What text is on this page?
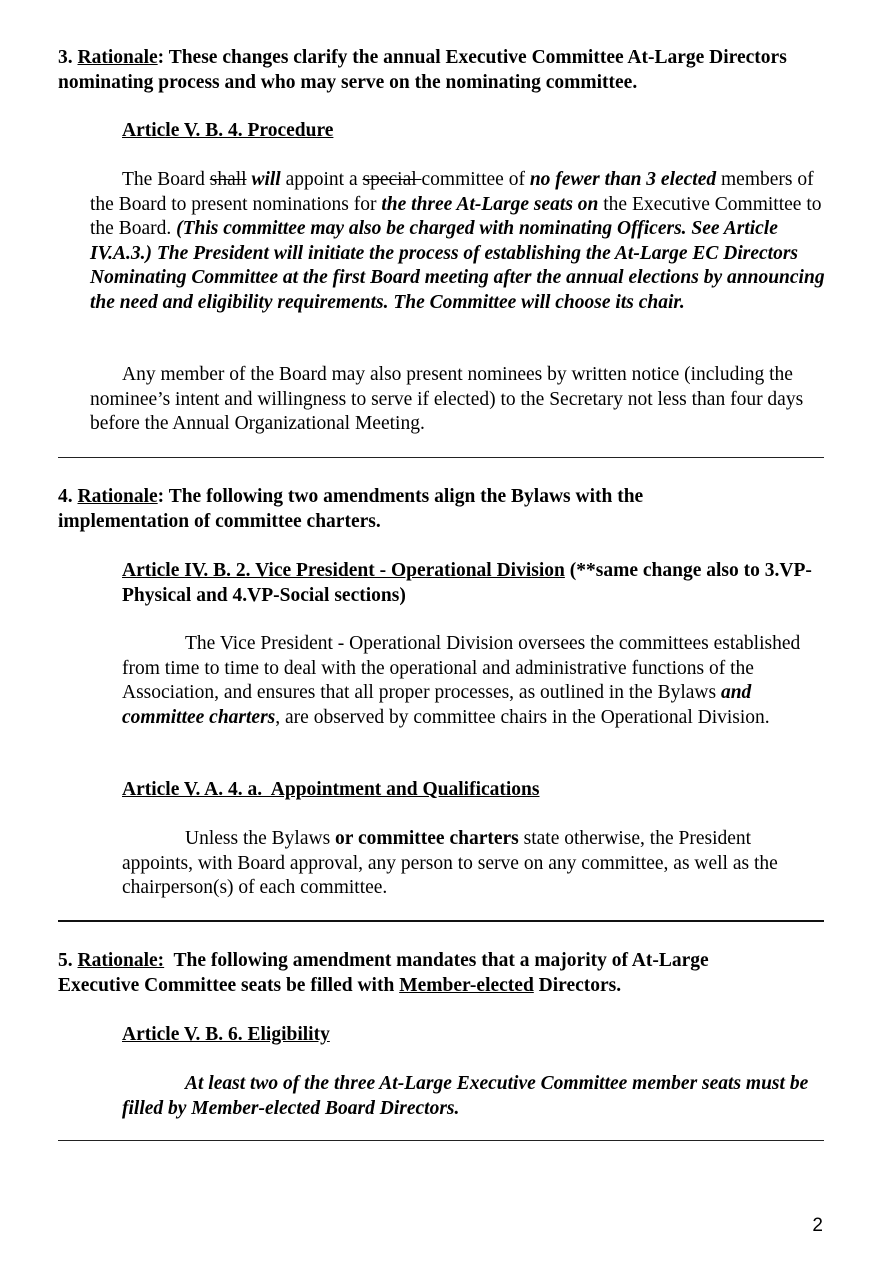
3. Rationale: These changes clarify the annual Executive Committee At-Large Directors nominating process and who may serve on the nominating committee.

Article V. B. 4. Procedure

The Board shall will appoint a special committee of no fewer than 3 elected members of the Board to present nominations for the three At-Large seats on the Executive Committee to the Board. (This committee may also be charged with nominating Officers. See Article IV.A.3.) The President will initiate the process of establishing the At-Large EC Directors Nominating Committee at the first Board meeting after the annual elections by announcing the need and eligibility requirements. The Committee will choose its chair.

Any member of the Board may also present nominees by written notice (including the nominee’s intent and willingness to serve if elected) to the Secretary not less than four days before the Annual Organizational Meeting.

4. Rationale: The following two amendments align the Bylaws with the implementation of committee charters.

Article IV. B. 2. Vice President - Operational Division (**same change also to 3.VP-Physical and 4.VP-Social sections)

The Vice President - Operational Division oversees the committees established from time to time to deal with the operational and administrative functions of the Association, and ensures that all proper processes, as outlined in the Bylaws and committee charters, are observed by committee chairs in the Operational Division.

Article V. A. 4. a.  Appointment and Qualifications

Unless the Bylaws or committee charters state otherwise, the President appoints, with Board approval, any person to serve on any committee, as well as the chairperson(s) of each committee.

5. Rationale:  The following amendment mandates that a majority of At-Large Executive Committee seats be filled with Member-elected Directors.

Article V. B. 6. Eligibility

At least two of the three At-Large Executive Committee member seats must be filled by Member-elected Board Directors.

2
